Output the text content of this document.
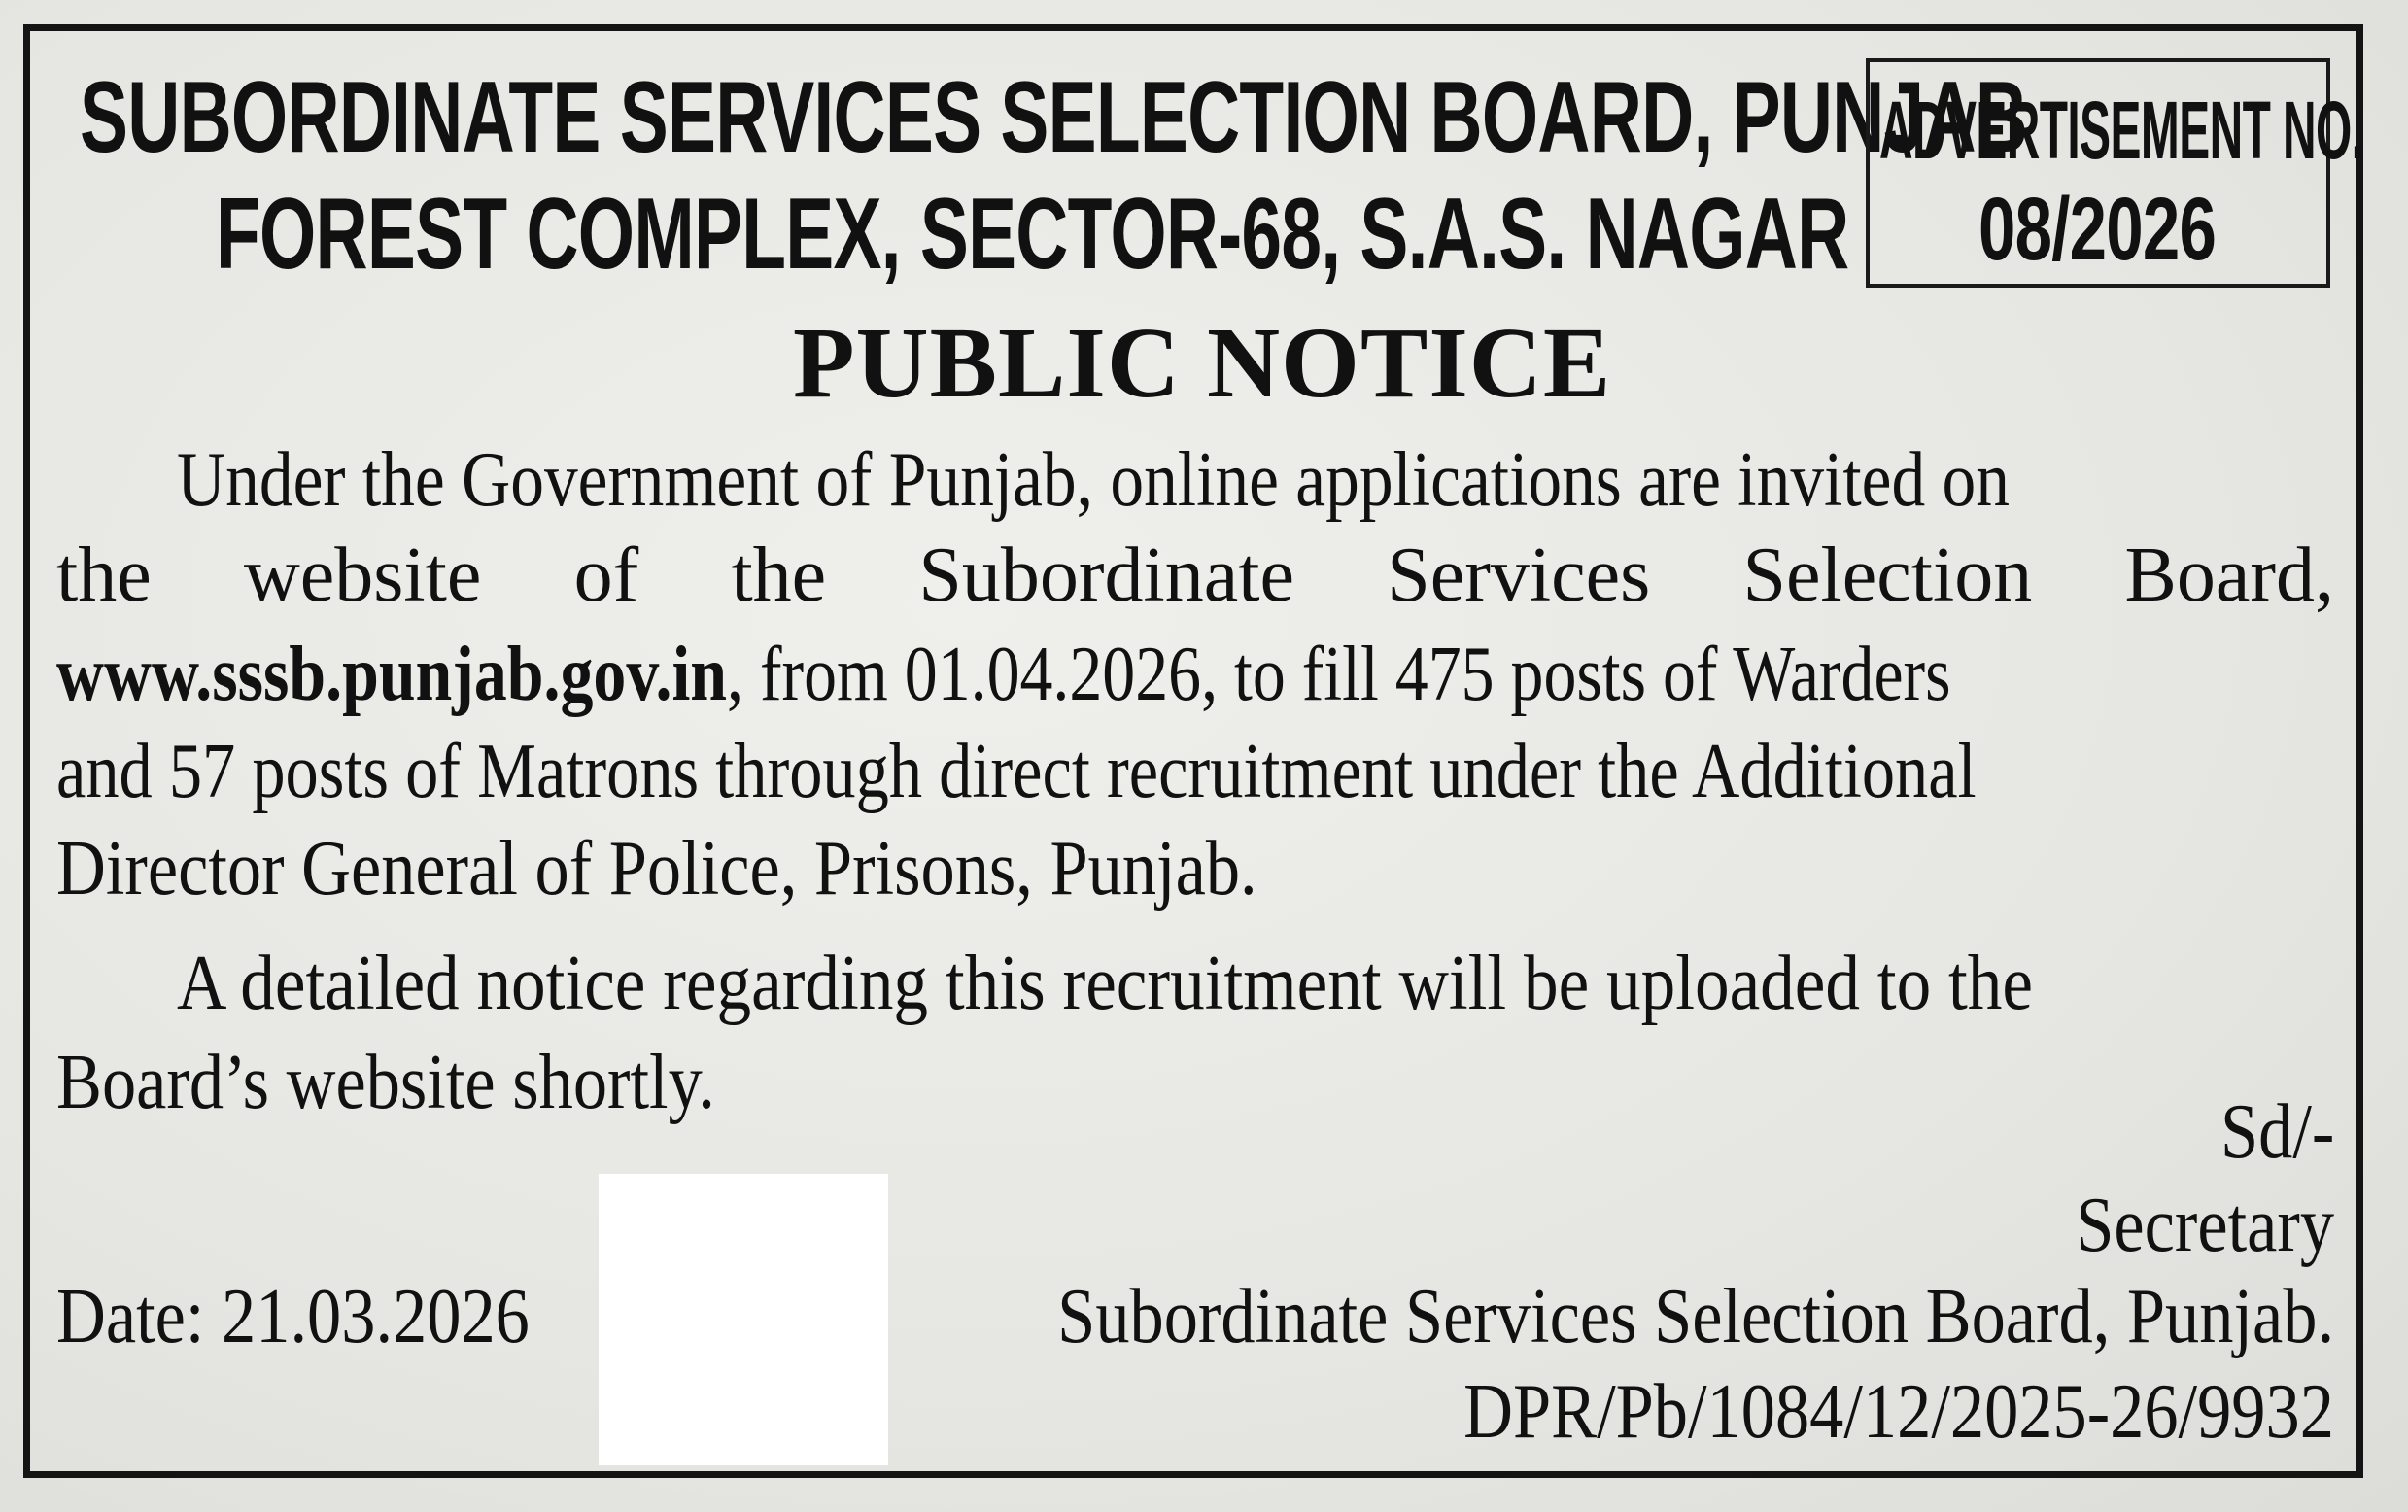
SUBORDINATE SERVICES SELECTION BOARD, PUNJAB
FOREST COMPLEX, SECTOR-68, S.A.S. NAGAR
ADVERTISEMENT NO.
08/2026
PUBLIC NOTICE
Under the Government of Punjab, online applications are invited on
the website of the Subordinate Services Selection Board,
www.sssb.punjab.gov.in, from 01.04.2026, to fill 475 posts of Warders
and 57 posts of Matrons through direct recruitment under the Additional
Director General of Police, Prisons, Punjab.
A detailed notice regarding this recruitment will be uploaded to the
Board’s website shortly.
Sd/-
Secretary
Subordinate Services Selection Board, Punjab.
DPR/Pb/1084/12/2025-26/9932
Date: 21.03.2026
